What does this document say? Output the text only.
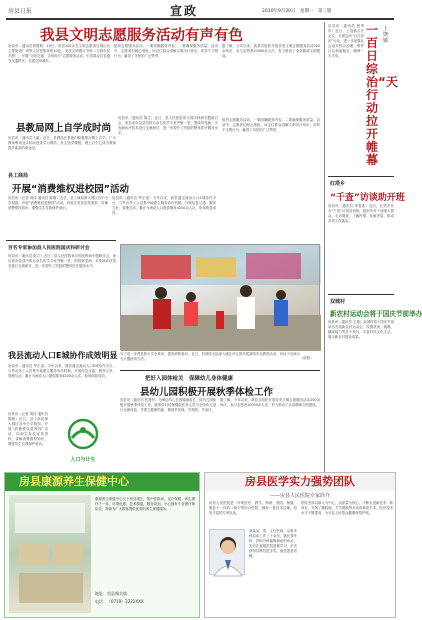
房县日报	宣政	2010年9月20日　星期一　第三版
我县文明志愿服务活动有声有色
房县讯（通讯员黄慧敏）19日，房县100余名文明志愿者在城区各主要街道广场等人员密集场所10处，发放文明倡议书和《文明市民手册》，开展“文明交通、文明出行”志愿服务活动，引导群众自觉遵守交通秩序，共建文明城市。
组织志愿服务活动，一要明确服务内容，二要确保服务质量。活动中，志愿者们耐心细致，向过往群众讲解文明出行常识，劝导不文明行为，赢得了市民的广泛赞誉。
据了解，今年以来，我县共组织开展各类文明志愿服务活动200余场次，参与志愿者10000余人次，有力推动了全县精神文明建设。
县教局网上自学成时尚
房县讯（通讯员王丽）近日，县教局在系统内积极推行网上自学，广大教师利用业余时间登录学习网站，自主选学课程，网上自学已成为教师提升素质的新途径。
房县讯（通讯员 陈立）近日，县人民医院举办国庆科研专题研讨会，来自省市及县内的百余名医学专家齐聚一堂，围绕常见病、多发病诊疗技术进行交流研讨，进一步提升了医院的整体医疗服务水平。
县工商局
开展“消费维权进校园”活动
房县讯（记者 周伟 通讯员 陈刚）近日，县工商局深入城区各中小学校园，开展“消费维权进校园”活动，向师生发放宣传资料，讲解消费维权知识，增强学生自我保护意识。
房县讯（通讯员 罗正清）今年以来，我县通过流动人口E城协作平台，与外出务工人员集中地建立服务协作机制，开展信息互通、服务互补、管理互动，累计为流动人口提供服务4200余人次，取得明显成效。
组织志愿服务活动，一要明确服务内容，二要确保服务质量。活动中，志愿者们耐心细致，向过往群众讲解文明出行常识，劝导不文明行为，赢得了市民的广泛赞誉。
百名专家参加县人民医院国庆科研讨会
房县讯（通讯员 陈立）近日，县人民医院举办国庆科研专题研讨会，来自省市及县内的百余名医学专家齐聚一堂，围绕常见病、多发病诊疗技术进行交流研讨，进一步提升了医院的整体医疗服务水平。
我县流动人口E城协作成效明显
房县讯（通讯员 罗正清）今年以来，我县通过流动人口E城协作平台，与外出务工人员集中地建立服务协作机制，开展信息互通、服务互补、管理互动，累计为流动人口提供服务4200余人次，取得明显成效。
房县讯（记者 周伟 通讯员 陈刚）近日，县工商局深入城区各中小学校园，开展“消费维权进校园”活动，向师生发放宣传资料，讲解消费维权知识，增强学生自我保护意识。
人口与计生
为了进一步普及防火安全常识，提高消防意识，近日，县消防大队深入城区幼儿园开展消防安全教育活动，向孩子们演示灭火器使用方法。	（欧阳）
把好入园体检关　保障幼儿身体健康
县幼儿园积极开展秋季体检工作
房县讯（通讯员 张慧华）为保证幼儿在园健康成长，县幼儿园积极开展秋季体检工作，邀请县妇幼保健院医务人员为全园幼儿进行全面体检，并建立健康档案，做到早发现、早预防、早治疗。
据了解，今年以来，我县共组织开展各类文明志愿服务活动200余场次，参与志愿者10000余人次，有力推动了全县精神文明建设。
上饶镇
一百日综治“天行动拉开帷幕
房县讯（通讯员 程秀华）近日，上饶镇召开会议，全面启动“百日综治”行动，进一步加强社会治安综合治理，维护社会和谐稳定，确保一方平安。
红塔乡
“千查”访谈助开班
房县讯（通讯员 李春燕）近日，红塔乡开办“千查”访谈培训班，组织乡村干部深入群众，走访调查，了解民情，化解矛盾，推动各项工作落实。
双城村
新农村运动会将于国庆节前举办
房县讯（通讯员 王艳）双城村将于国庆节前举办首届新农村运动会，设置拔河、跳绳、趣味接力等多个项目，丰富村民文化生活，展示新农村建设成果。
房县康源养生保健中心
康源养生保健中心位于房县城区，集中医推拿、足疗保健、养生理疗于一体，环境优雅，技术精湛，服务周到。中心拥有专业理疗师队伍，竭诚为广大顾客提供优质的养生保健服务。
地址：房县城关镇
电话：（0719）3222XXX
房县医学实力强势团队
——房县人民医院专家简介
房县人民医院是一所集医疗、教学、科研、预防、保健、康复于一体的二级甲等综合医院，拥有一批技术过硬、经验丰富的专家队伍。
刘某某，男，主任医师，从事外科临床工作三十余年，擅长普外科、肝胆外科疑难病症的诊治，先后在省级医院进修学习，多次获得县科技进步奖，深受患者信赖。
医院坚持以病人为中心，以质量为核心，不断引进新技术、新项目，开展了腹腔镜、关节置换等多项高难度手术，医疗技术水平不断提高，为全县人民群众健康保驾护航。
